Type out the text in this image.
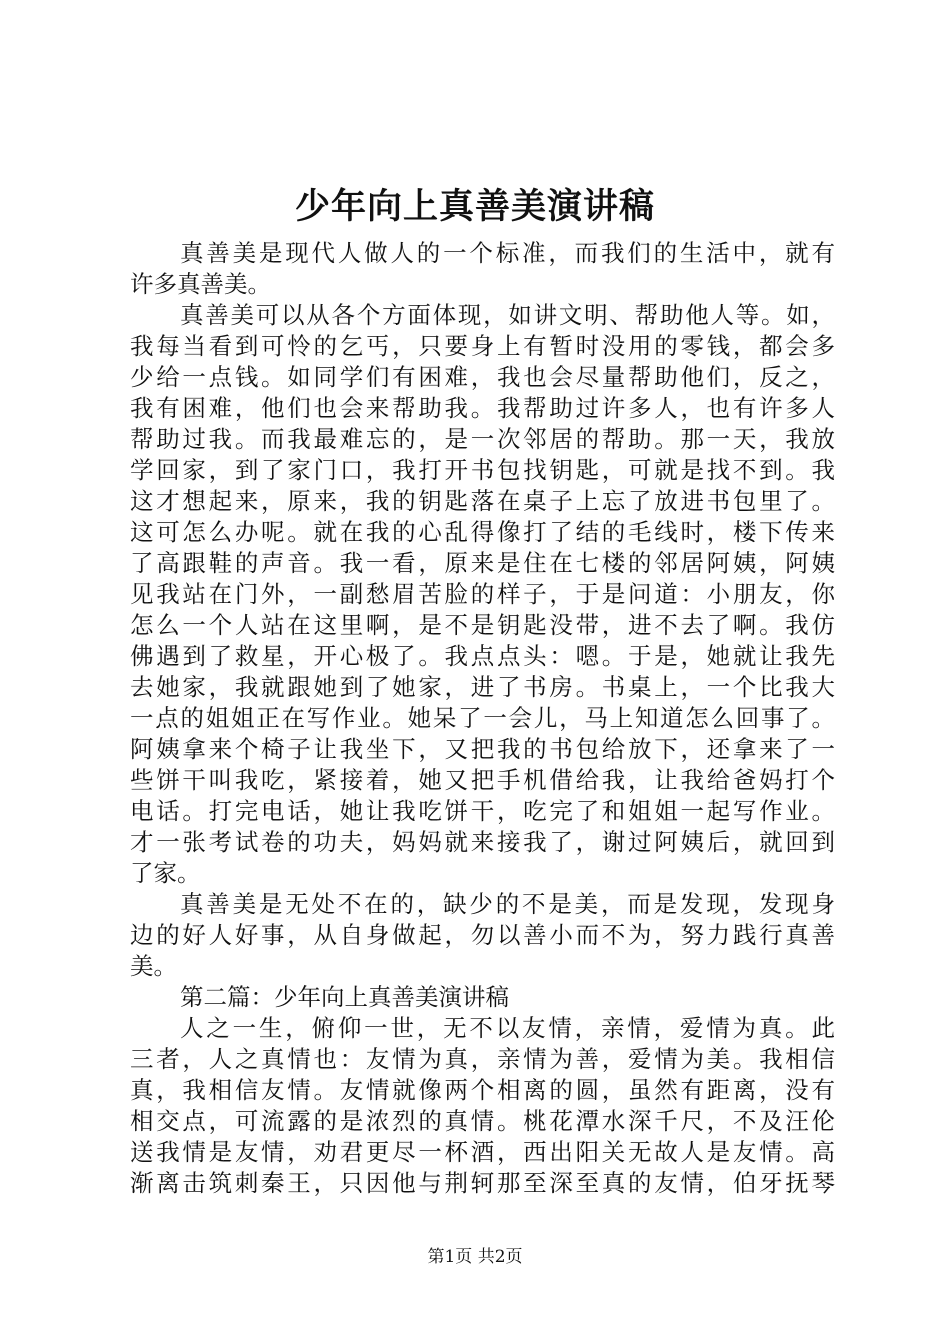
少年向上真善美演讲稿
真善美是现代人做人的一个标准，而我们的生活中，就有
许多真善美。
真善美可以从各个方面体现，如讲文明、帮助他人等。如，
我每当看到可怜的乞丐，只要身上有暂时没用的零钱，都会多
少给一点钱。如同学们有困难，我也会尽量帮助他们，反之，
我有困难，他们也会来帮助我。我帮助过许多人，也有许多人
帮助过我。而我最难忘的，是一次邻居的帮助。那一天，我放
学回家，到了家门口，我打开书包找钥匙，可就是找不到。我
这才想起来，原来，我的钥匙落在桌子上忘了放进书包里了。
这可怎么办呢。就在我的心乱得像打了结的毛线时，楼下传来
了高跟鞋的声音。我一看，原来是住在七楼的邻居阿姨，阿姨
见我站在门外，一副愁眉苦脸的样子，于是问道：小朋友，你
怎么一个人站在这里啊，是不是钥匙没带，进不去了啊。我仿
佛遇到了救星，开心极了。我点点头：嗯。于是，她就让我先
去她家，我就跟她到了她家，进了书房。书桌上，一个比我大
一点的姐姐正在写作业。她呆了一会儿，马上知道怎么回事了。
阿姨拿来个椅子让我坐下，又把我的书包给放下，还拿来了一
些饼干叫我吃，紧接着，她又把手机借给我，让我给爸妈打个
电话。打完电话，她让我吃饼干，吃完了和姐姐一起写作业。
才一张考试卷的功夫，妈妈就来接我了，谢过阿姨后，就回到
了家。
真善美是无处不在的，缺少的不是美，而是发现，发现身
边的好人好事，从自身做起，勿以善小而不为，努力践行真善
美。
第二篇：少年向上真善美演讲稿
人之一生，俯仰一世，无不以友情，亲情，爱情为真。此
三者，人之真情也：友情为真，亲情为善，爱情为美。我相信
真，我相信友情。友情就像两个相离的圆，虽然有距离，没有
相交点，可流露的是浓烈的真情。桃花潭水深千尺，不及汪伦
送我情是友情，劝君更尽一杯酒，西出阳关无故人是友情。高
渐离击筑刺秦王，只因他与荆轲那至深至真的友情，伯牙抚琴
第1页 共2页
